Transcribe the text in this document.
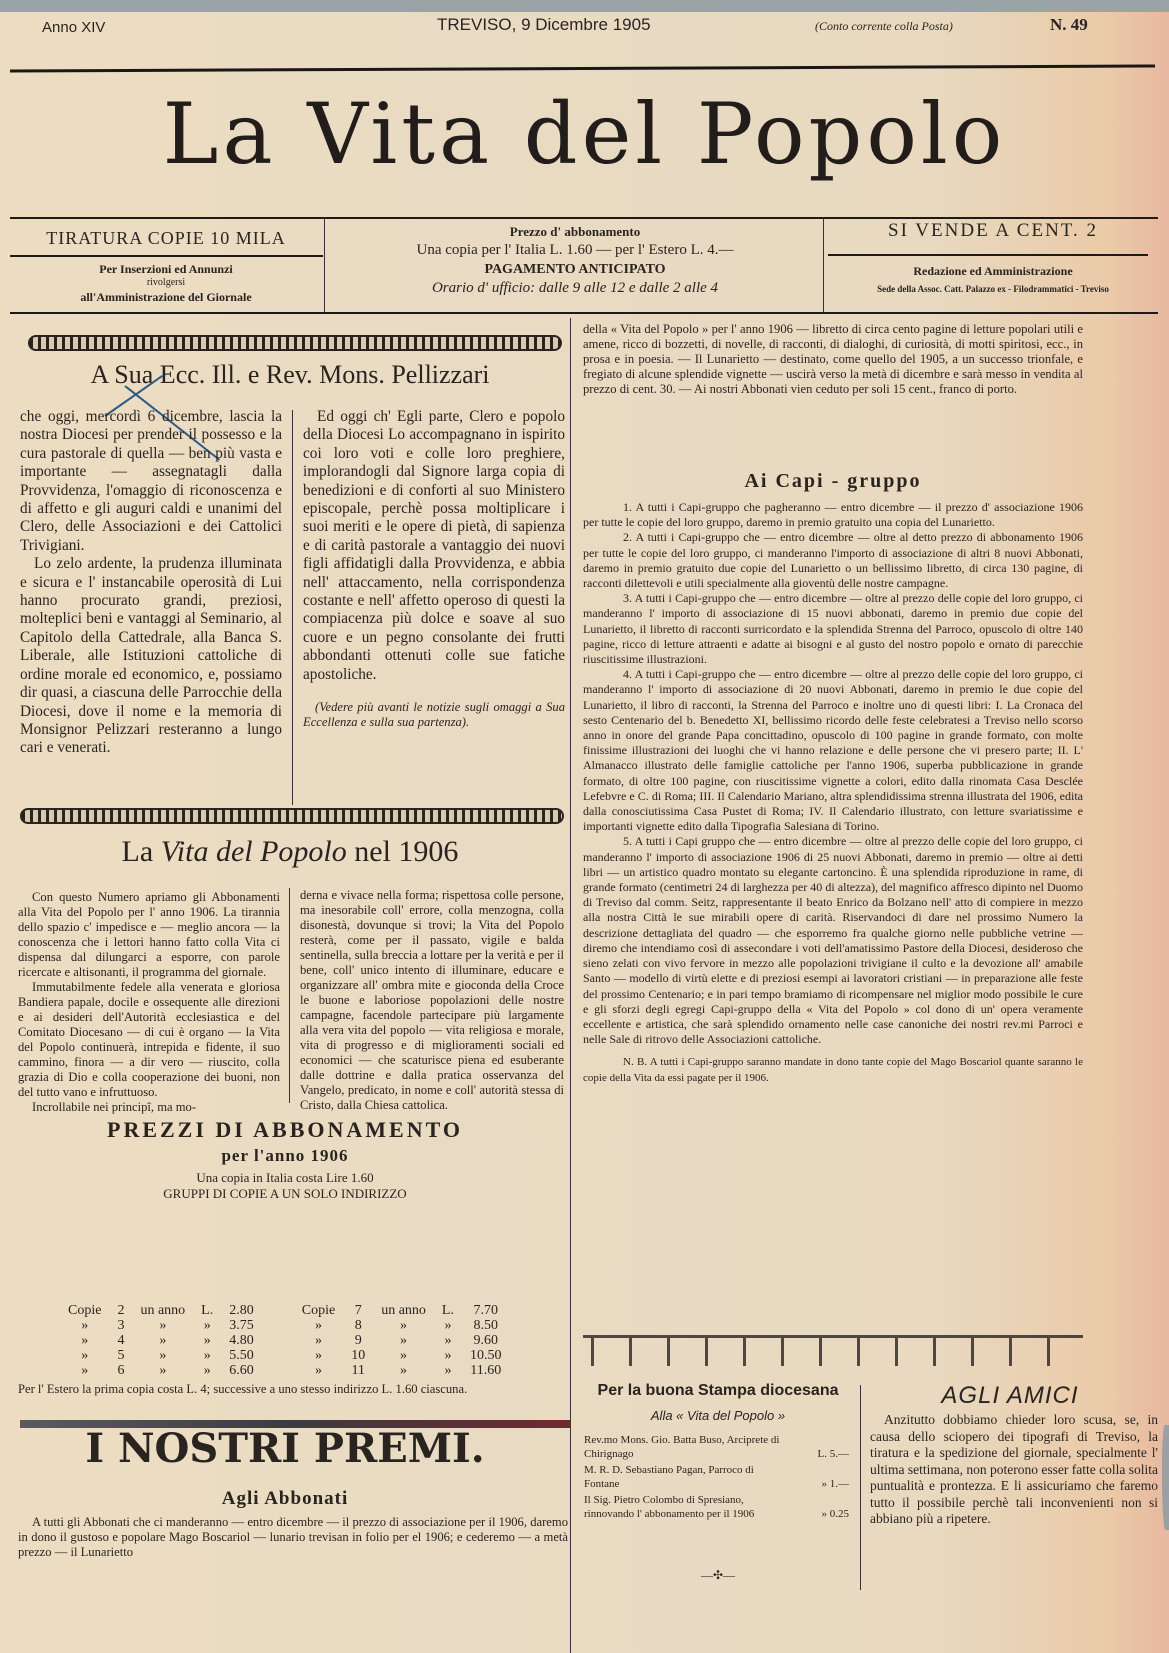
Anno XIV	TREVISO, 9 Dicembre 1905	(Conto corrente colla Posta)	N. 49
La Vita del Popolo
TIRATURA COPIE 10 MILA
Per Inserzioni ed Annunzi
rivolgersi
all'Amministrazione del Giornale
Prezzo d' abbonamento
Una copia per l' Italia L. 1.60 — per l' Estero L. 4.—
PAGAMENTO ANTICIPATO
Orario d' ufficio: dalle 9 alle 12 e dalle 2 alle 4
SI VENDE A CENT. 2
Redazione ed Amministrazione
Sede della Assoc. Catt. Palazzo ex - Filodrammatici - Treviso
A Sua Ecc. Ill. e Rev. Mons. Pellizzari

che oggi, mercordì 6 dicembre, lascia la nostra Diocesi per prender il possesso e la cura pastorale di quella — ben più vasta e importante — assegnatagli dalla Provvidenza, l'omaggio di riconoscenza e di affetto e gli auguri caldi e unanimi del Clero, delle Associazioni e dei Cattolici Trivigiani.

Lo zelo ardente, la prudenza illuminata e sicura e l' instancabile operosità di Lui hanno procurato grandi, preziosi, molteplici beni e vantaggi al Seminario, al Capitolo della Cattedrale, alla Banca S. Liberale, alle Istituzioni cattoliche di ordine morale ed economico, e, possiamo dir quasi, a ciascuna delle Parrocchie della Diocesi, dove il nome e la memoria di Monsignor Pelizzari resteranno a lungo cari e venerati.

Ed oggi ch' Egli parte, Clero e popolo della Diocesi Lo accompagnano in ispirito coi loro voti e colle loro preghiere, implorandogli dal Signore larga copia di benedizioni e di conforti al suo Ministero episcopale, perchè possa moltiplicare i suoi meriti e le opere di pietà, di sapienza e di carità pastorale a vantaggio dei nuovi figli affidatigli dalla Provvidenza, e abbia nell' attaccamento, nella corrispondenza costante e nell' affetto operoso di questi la compiacenza più dolce e soave al suo cuore e un pegno consolante dei frutti abbondanti ottenuti colle sue fatiche apostoliche.

(Vedere più avanti le notizie sugli omaggi a Sua Eccellenza e sulla sua partenza).

La Vita del Popolo nel 1906

Con questo Numero apriamo gli Abbonamenti alla Vita del Popolo per l' anno 1906. La tirannia dello spazio c' impedisce e — meglio ancora — la conoscenza che i lettori hanno fatto colla Vita ci dispensa dal dilungarci a esporre, con parole ricercate e altisonanti, il programma del giornale.

Immutabilmente fedele alla venerata e gloriosa Bandiera papale, docile e ossequente alle direzioni e ai desideri dell'Autorità ecclesiastica e del Comitato Diocesano — di cui è organo — la Vita del Popolo continuerà, intrepida e fidente, il suo cammino, finora — a dir vero — riuscito, colla grazia di Dio e colla cooperazione dei buoni, non del tutto vano e infruttuoso.

Incrollabile nei principî, ma mo-

derna e vivace nella forma; rispettosa colle persone, ma inesorabile coll' errore, colla menzogna, colla disonestà, dovunque si trovi; la Vita del Popolo resterà, come per il passato, vigile e balda sentinella, sulla breccia a lottare per la verità e per il bene, coll' unico intento di illuminare, educare e organizzare all' ombra mite e gioconda della Croce le buone e laboriose popolazioni delle nostre campagne, facendole partecipare più largamente alla vera vita del popolo — vita religiosa e morale, vita di progresso e di miglioramenti sociali ed economici — che scaturisce piena ed esuberante dalle dottrine e dalla pratica osservanza del Vangelo, predicato, in nome e coll' autorità stessa di Cristo, dalla Chiesa cattolica.

PREZZI DI ABBONAMENTO
per l'anno 1906
Una copia in Italia costa Lire 1.60
GRUPPI DI COPIE A UN SOLO INDIRIZZO
Copie	2	un anno	L.	2.80	Copie	7	un anno	L.	7.70
»	3	»	»	3.75	»	8	»	»	8.50
»	4	»	»	4.80	»	9	»	»	9.60
»	5	»	»	5.50	»	10	»	»	10.50
»	6	»	»	6.60	»	11	»	»	11.60

Per l' Estero la prima copia costa L. 4; successive a uno stesso indirizzo L. 1.60 ciascuna.

I NOSTRI PREMI.
Agli Abbonati

A tutti gli Abbonati che ci manderanno — entro dicembre — il prezzo di associazione per il 1906, daremo in dono il gustoso e popolare Mago Boscariol — lunario trevisan in folio per el 1906; e cederemo — a metà prezzo — il Lunarietto

della « Vita del Popolo » per l' anno 1906 — libretto di circa cento pagine di letture popolari utili e amene, ricco di bozzetti, di novelle, di racconti, di dialoghi, di curiosità, di motti spiritosi, ecc., in prosa e in poesia. — Il Lunarietto — destinato, come quello del 1905, a un successo trionfale, e fregiato di alcune splendide vignette — uscirà verso la metà di dicembre e sarà messo in vendita al prezzo di cent. 30. — Ai nostri Abbonati vien ceduto per soli 15 cent., franco di porto.

Ai Capi - gruppo

1. A tutti i Capi-gruppo che pagheranno — entro dicembre — il prezzo d' associazione 1906 per tutte le copie del loro gruppo, daremo in premio gratuito una copia del Lunarietto.

2. A tutti i Capi-gruppo che — entro dicembre — oltre al detto prezzo di abbonamento 1906 per tutte le copie del loro gruppo, ci manderanno l'importo di associazione di altri 8 nuovi Abbonati, daremo in premio gratuito due copie del Lunarietto o un bellissimo libretto, di circa 130 pagine, di racconti dilettevoli e utili specialmente alla gioventù delle nostre campagne.

3. A tutti i Capi-gruppo che — entro dicembre — oltre al prezzo delle copie del loro gruppo, ci manderanno l' importo di associazione di 15 nuovi abbonati, daremo in premio due copie del Lunarietto, il libretto di racconti surricordato e la splendida Strenna del Parroco, opuscolo di oltre 140 pagine, ricco di letture attraenti e adatte ai bisogni e al gusto del nostro popolo e ornato di parecchie riuscitissime illustrazioni.

4. A tutti i Capi-gruppo che — entro dicembre — oltre al prezzo delle copie del loro gruppo, ci manderanno l' importo di associazione di 20 nuovi Abbonati, daremo in premio le due copie del Lunarietto, il libro di racconti, la Strenna del Parroco e inoltre uno di questi libri: I. La Cronaca del sesto Centenario del b. Benedetto XI, bellissimo ricordo delle feste celebratesi a Treviso nello scorso anno in onore del grande Papa concittadino, opuscolo di 100 pagine in grande formato, con molte finissime illustrazioni dei luoghi che vi hanno relazione e delle persone che vi presero parte; II. L' Almanacco illustrato delle famiglie cattoliche per l'anno 1906, superba pubblicazione in grande formato, di oltre 100 pagine, con riuscitissime vignette a colori, edito dalla rinomata Casa Desclée Lefebvre e C. di Roma; III. Il Calendario Mariano, altra splendidissima strenna illustrata del 1906, edita dalla conosciutissima Casa Pustet di Roma; IV. Il Calendario illustrato, con letture svariatissime e importanti vignette edito dalla Tipografia Salesiana di Torino.

5. A tutti i Capi gruppo che — entro dicembre — oltre al prezzo delle copie del loro gruppo, ci manderanno l' importo di associazione 1906 di 25 nuovi Abbonati, daremo in premio — oltre ai detti libri — un artistico quadro montato su elegante cartoncino. È una splendida riproduzione in rame, di grande formato (centimetri 24 di larghezza per 40 di altezza), del magnifico affresco dipinto nel Duomo di Treviso dal comm. Seitz, rappresentante il beato Enrico da Bolzano nell' atto di compiere in mezzo alla nostra Città le sue mirabili opere di carità. Riservandoci di dare nel prossimo Numero la descrizione dettagliata del quadro — che esporremo fra qualche giorno nelle pubbliche vetrine — diremo che intendiamo così di assecondare i voti dell'amatissimo Pastore della Diocesi, desideroso che sieno zelati con vivo fervore in mezzo alle popolazioni trivigiane il culto e la devozione all' amabile Santo — modello di virtù elette e di preziosi esempi ai lavoratori cristiani — in preparazione alle feste del prossimo Centenario; e in pari tempo bramiamo di ricompensare nel miglior modo possibile le cure e gli sforzi degli egregi Capi-gruppo della « Vita del Popolo » col dono di un' opera veramente eccellente e artistica, che sarà splendido ornamento nelle case canoniche dei nostri rev.mi Parroci e nelle Sale di ritrovo delle Associazioni cattoliche.

N. B. A tutti i Capi-gruppo saranno mandate in dono tante copie del Mago Boscariol quante saranno le copie della Vita da essi pagate per il 1906.

Per la buona Stampa diocesana
Alla « Vita del Popolo »
Rev.mo Mons. Gio. Batta Buso, Arciprete di Chirignago	L. 5.—
M. R. D. Sebastiano Pagan, Parroco di Fontane	» 1.—
Il Sig. Pietro Colombo di Spresiano, rinnovando l' abbonamento per il 1906	» 0.25
—✣—
AGLI AMICI

Anzitutto dobbiamo chieder loro scusa, se, in causa dello sciopero dei tipografi di Treviso, la tiratura e la spedizione del giornale, specialmente l' ultima settimana, non poterono esser fatte colla solita puntualità e prontezza. E li assicuriamo che faremo tutto il possibile perchè tali inconvenienti non si abbiano più a ripetere.
